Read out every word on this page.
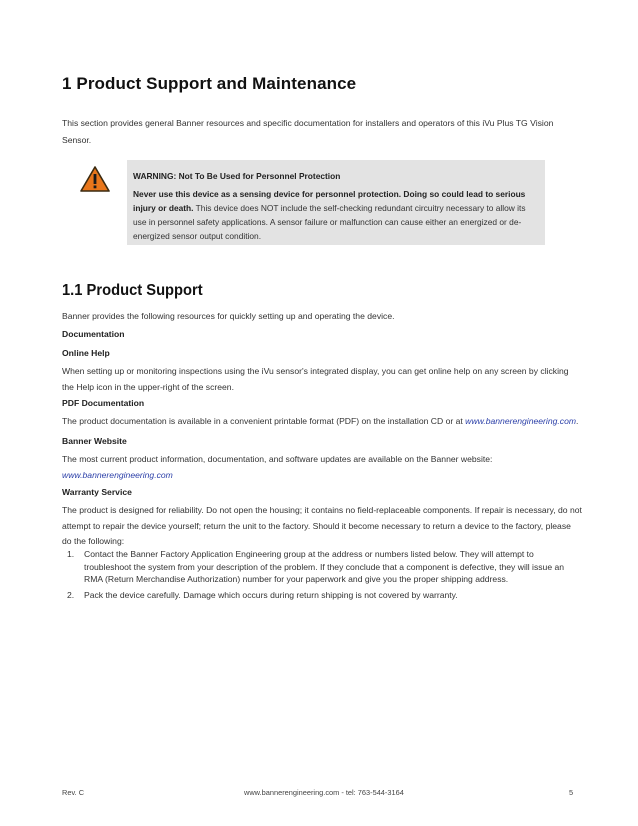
1 Product Support and Maintenance

This section provides general Banner resources and specific documentation for installers and operators of this iVu Plus TG Vision Sensor.

WARNING: Not To Be Used for Personnel Protection

Never use this device as a sensing device for personnel protection. Doing so could lead to serious injury or death. This device does NOT include the self-checking redundant circuitry necessary to allow its use in personnel safety applications. A sensor failure or malfunction can cause either an energized or de-energized sensor output condition.

1.1 Product Support

Banner provides the following resources for quickly setting up and operating the device.

Documentation

Online Help

When setting up or monitoring inspections using the iVu sensor's integrated display, you can get online help on any screen by clicking the Help icon in the upper-right of the screen.

PDF Documentation

The product documentation is available in a convenient printable format (PDF) on the installation CD or at www.bannerengineering.com.

Banner Website

The most current product information, documentation, and software updates are available on the Banner website: www.bannerengineering.com

Warranty Service

The product is designed for reliability. Do not open the housing; it contains no field-replaceable components. If repair is necessary, do not attempt to repair the device yourself; return the unit to the factory. Should it become necessary to return a device to the factory, please do the following:

1. Contact the Banner Factory Application Engineering group at the address or numbers listed below. They will attempt to troubleshoot the system from your description of the problem. If they conclude that a component is defective, they will issue an RMA (Return Merchandise Authorization) number for your paperwork and give you the proper shipping address.
2. Pack the device carefully. Damage which occurs during return shipping is not covered by warranty.
Rev. C	www.bannerengineering.com - tel: 763-544-3164	5
